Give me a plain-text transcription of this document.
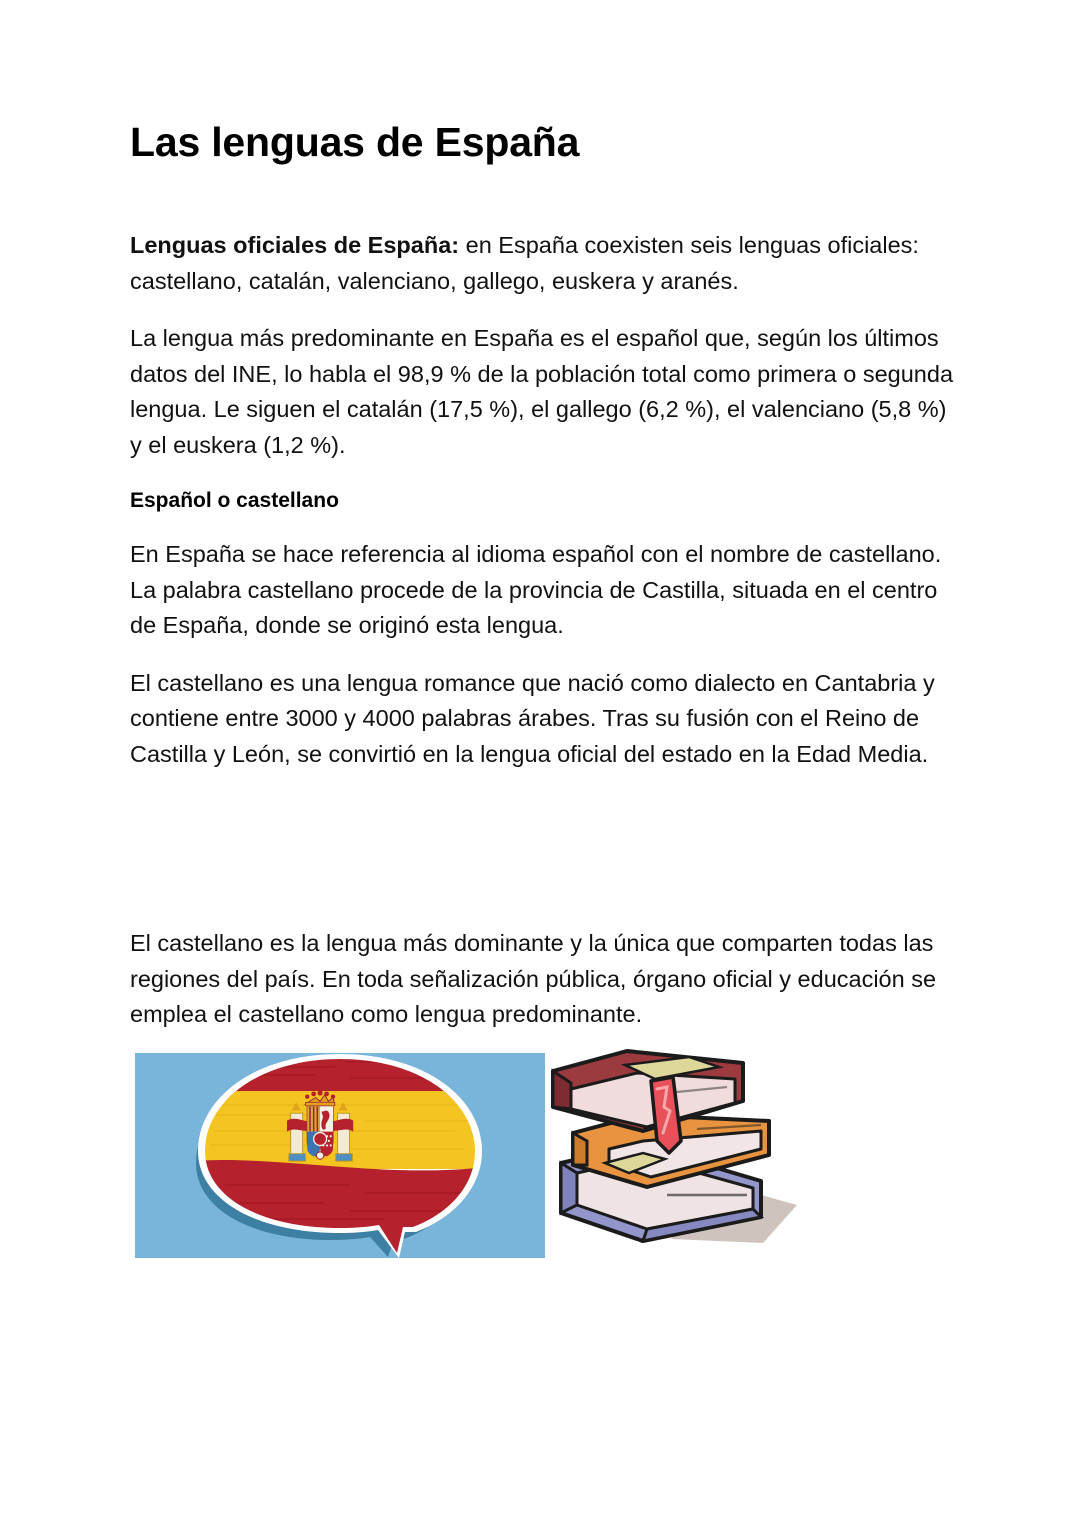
Las lenguas de España

Lenguas oficiales de España: en España coexisten seis lenguas oficiales: castellano, catalán, valenciano, gallego, euskera y aranés.

La lengua más predominante en España es el español que, según los últimos datos del INE, lo habla el 98,9 % de la población total como primera o segunda lengua. Le siguen el catalán (17,5 %), el gallego (6,2 %), el valenciano (5,8 %) y el euskera (1,2 %).

Español o castellano

En España se hace referencia al idioma español con el nombre de castellano. La palabra castellano procede de la provincia de Castilla, situada en el centro de España, donde se originó esta lengua.

El castellano es una lengua romance que nació como dialecto en Cantabria y contiene entre 3000 y 4000 palabras árabes. Tras su fusión con el Reino de Castilla y León, se convirtió en la lengua oficial del estado en la Edad Media.

El castellano es la lengua más dominante y la única que comparten todas las regiones del país. En toda señalización pública, órgano oficial y educación se emplea el castellano como lengua predominante.
